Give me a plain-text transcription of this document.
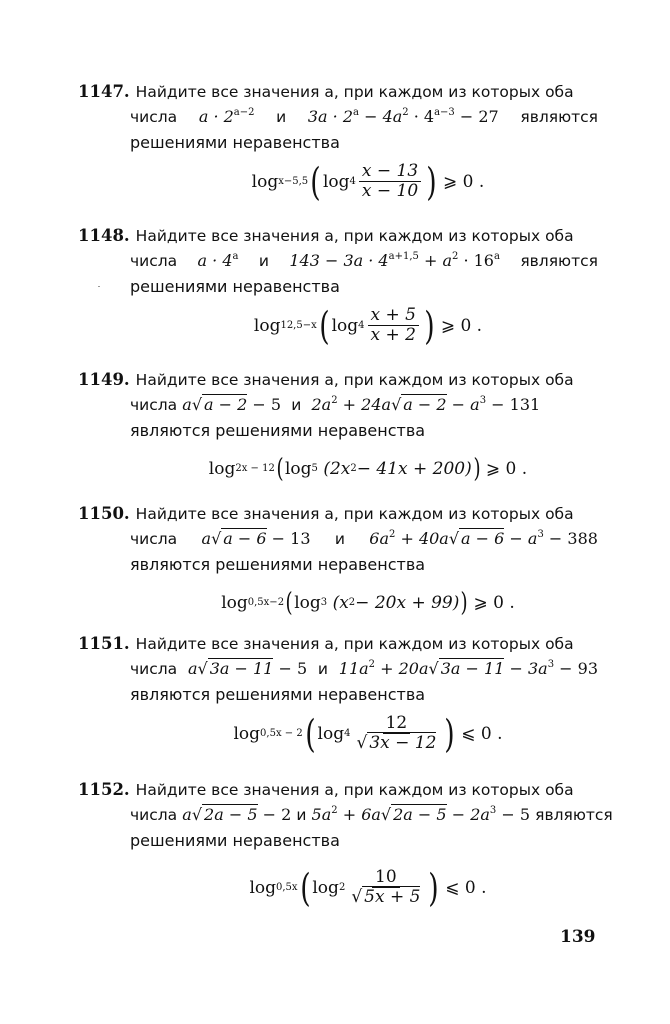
1147. Найдите все значения a, при каждом из которых оба
числа $a \cdot 2^{a-2}$ и $3a \cdot 2^a - 4a^2 \cdot 4^{a-3} - 27$ являются
решениями неравенства
log x−5,5 ( $\log 4 \frac{x - 13}{x - 10}$ ) ⩾ 0 .
1148. Найдите все значения a, при каждом из которых оба
числа $a \cdot 4^a$ и $143 - 3a \cdot 4^{a+1,5} + a^2 \cdot 16^a$ являются
решениями неравенства
log 12,5−x ( $\log 4 \frac{x + 5}{x + 2}$ ) ⩾ 0 .
1149. Найдите все значения a, при каждом из которых оба
числа a√ a − 2 − 5 и $2a^2 + 24a√$ $a - 2 - a^3 - 131$
являются решениями неравенства
log 2x − 12 ( log 5
(2x 2 − 41x + 200) ) ⩾ 0 .
1150. Найдите все значения a, при каждом из которых оба
числа a√ a − 6 − 13 и $6a^2 + 40a√$ $a - 6 - a^3 - 388$
являются решениями неравенства
log 0,5x−2 ( log 3
(x 2 − 20x + 99) ) ⩾ 0 .
1151. Найдите все значения a, при каждом из которых оба
числа a√ 3a − 11 − 5 и $11a^2 + 20a√$ $3a - 11 - 3a^3 - 93$
являются решениями неравенства
log 0,5x − 2 ( $\log 4 \frac{12}{√ 3x - 12}$ ) ⩽ 0 .
1152. Найдите все значения a, при каждом из которых оба
числа a√ 2a − 5 − 2 и $5a^2 + 6a√$ $2a - 5 - 2a^3 - 5$ являются
решениями неравенства
log 0,5x ( $\log 2 \frac{10}{√ 5x + 5}$ ) ⩽ 0 .
139
